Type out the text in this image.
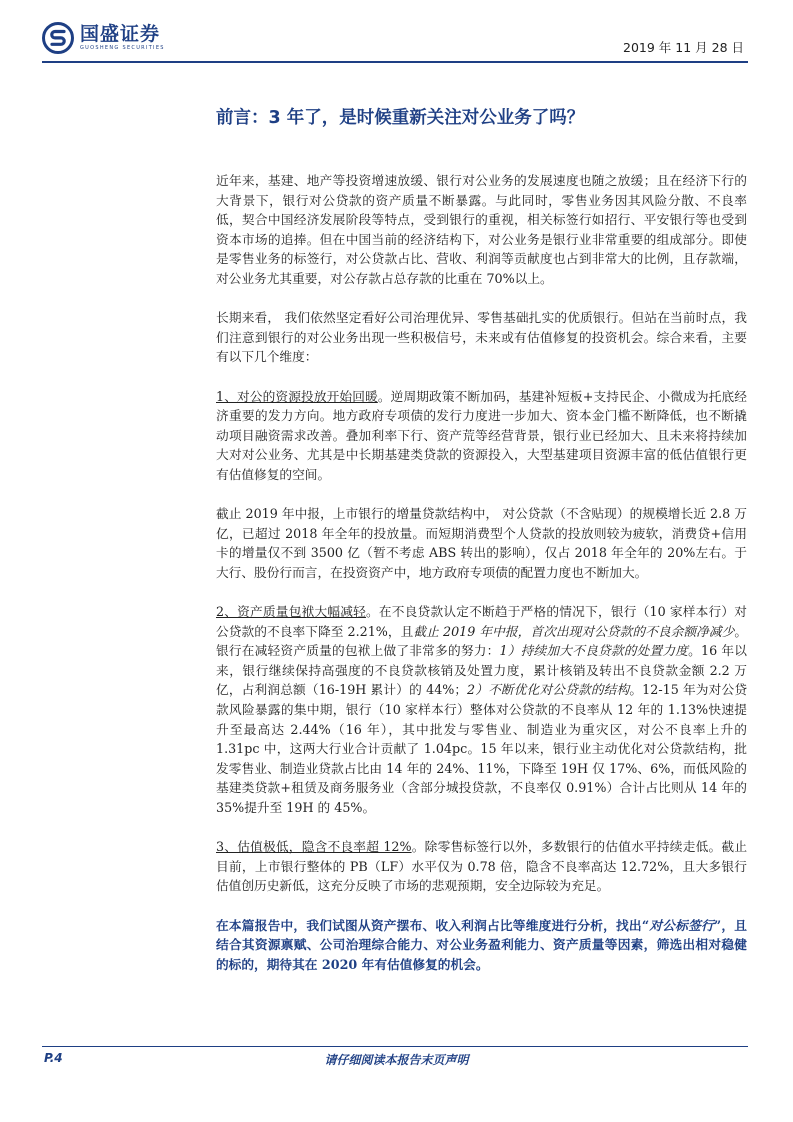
国盛证券
GUOSHENG SECURITIES	2019 年 11 月 28 日
前言：3 年了，是时候重新关注对公业务了吗？

近年来，基建、地产等投资增速放缓、银行对公业务的发展速度也随之放缓；且在经济下行的大背景下，银行对公贷款的资产质量不断暴露。与此同时，零售业务因其风险分散、不良率低，契合中国经济发展阶段等特点，受到银行的重视，相关标签行如招行、平安银行等也受到资本市场的追捧。但在中国当前的经济结构下，对公业务是银行业非常重要的组成部分。即使是零售业务的标签行，对公贷款占比、营收、利润等贡献度也占到非常大的比例，且存款端，对公业务尤其重要，对公存款占总存款的比重在 70%以上。

长期来看， 我们依然坚定看好公司治理优异、零售基础扎实的优质银行。但站在当前时点，我们注意到银行的对公业务出现一些积极信号，未来或有估值修复的投资机会。综合来看，主要有以下几个维度：

1、对公的资源投放开始回暖。逆周期政策不断加码，基建补短板+支持民企、小微成为托底经济重要的发力方向。地方政府专项债的发行力度进一步加大、资本金门槛不断降低，也不断撬动项目融资需求改善。叠加利率下行、资产荒等经营背景，银行业已经加大、且未来将持续加大对对公业务、尤其是中长期基建类贷款的资源投入，大型基建项目资源丰富的低估值银行更有估值修复的空间。

截止 2019 年中报，上市银行的增量贷款结构中， 对公贷款（不含贴现）的规模增长近 2.8 万亿，已超过 2018 年全年的投放量。而短期消费型个人贷款的投放则较为疲软，消费贷+信用卡的增量仅不到 3500 亿（暂不考虑 ABS 转出的影响），仅占 2018 年全年的 20%左右。于大行、股份行而言，在投资资产中，地方政府专项债的配置力度也不断加大。

2、资产质量包袱大幅减轻。在不良贷款认定不断趋于严格的情况下，银行（10 家样本行）对公贷款的不良率下降至 2.21%，且截止 2019 年中报，首次出现对公贷款的不良余额净减少。银行在减轻资产质量的包袱上做了非常多的努力：1）持续加大不良贷款的处置力度。16 年以来，银行继续保持高强度的不良贷款核销及处置力度，累计核销及转出不良贷款金额 2.2 万亿，占利润总额（16-19H 累计）的 44%；2）不断优化对公贷款的结构。12-15 年为对公贷款风险暴露的集中期，银行（10 家样本行）整体对公贷款的不良率从 12 年的 1.13%快速提升至最高达 2.44%（16 年），其中批发与零售业、制造业为重灾区，对公不良率上升的 1.31pc 中，这两大行业合计贡献了 1.04pc。15 年以来，银行业主动优化对公贷款结构，批发零售业、制造业贷款占比由 14 年的 24%、11%，下降至 19H 仅 17%、6%，而低风险的基建类贷款+租赁及商务服务业（含部分城投贷款，不良率仅 0.91%）合计占比则从 14 年的 35%提升至 19H 的 45%。

3、估值极低，隐含不良率超 12%。除零售标签行以外，多数银行的估值水平持续走低。截止目前，上市银行整体的 PB（LF）水平仅为 0.78 倍，隐含不良率高达 12.72%，且大多银行估值创历史新低，这充分反映了市场的悲观预期，安全边际较为充足。

在本篇报告中，我们试图从资产摆布、收入利润占比等维度进行分析，找出“对公标签行”，且结合其资源禀赋、公司治理综合能力、对公业务盈利能力、资产质量等因素，筛选出相对稳健的标的，期待其在 2020 年有估值修复的机会。

P.4	请仔细阅读本报告末页声明
